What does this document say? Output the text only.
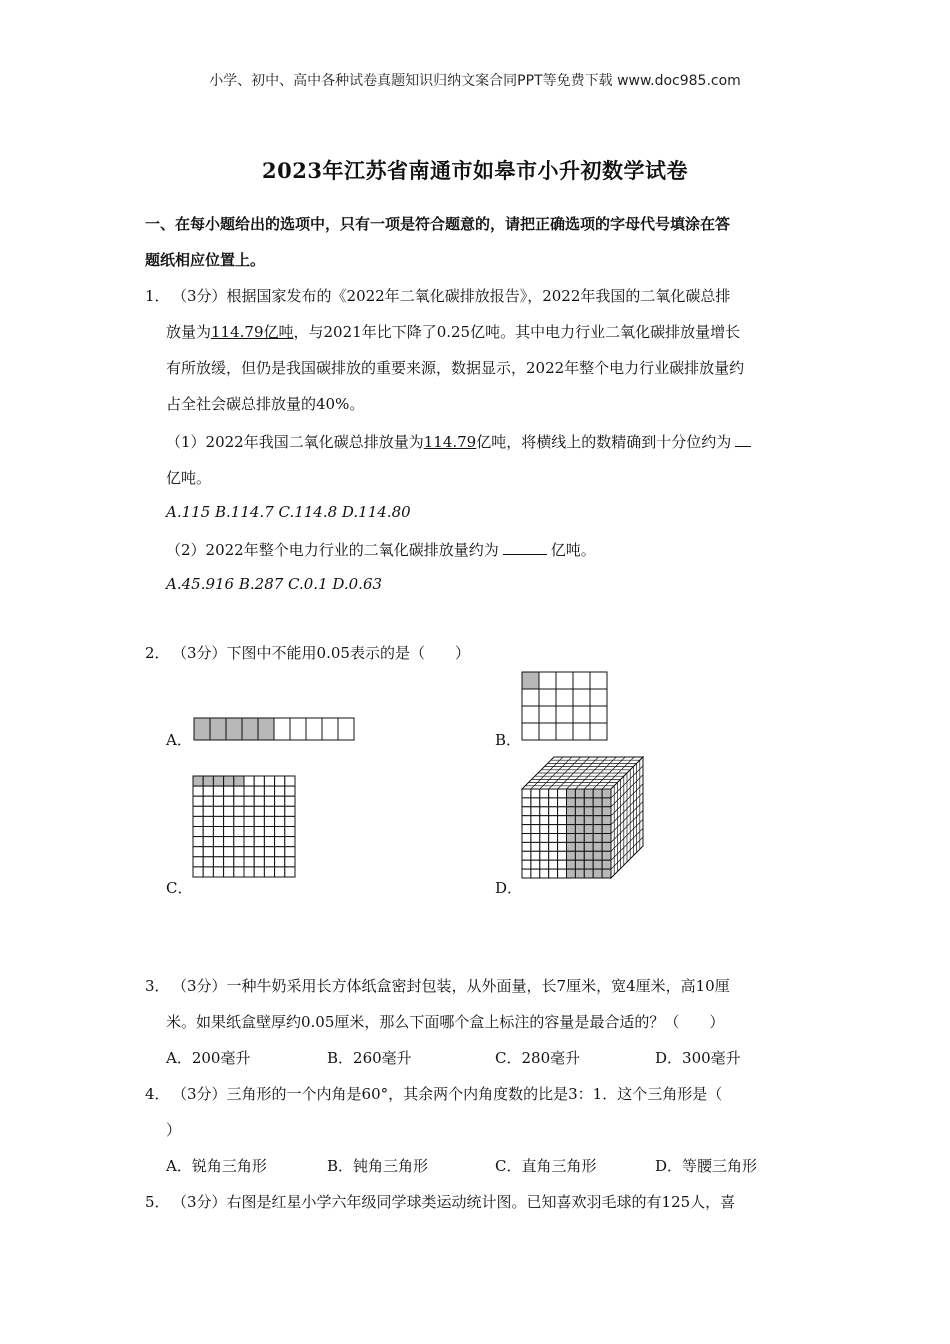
小学、初中、高中各种试卷真题知识归纳文案合同PPT等免费下载 www.doc985.com
2023年江苏省南通市如皋市小升初数学试卷
一、在每小题给出的选项中，只有一项是符合题意的，请把正确选项的字母代号填涂在答
题纸相应位置上。
1． （3分）根据国家发布的《2022年二氧化碳排放报告》，2022年我国的二氧化碳总排
放量为114.79亿吨，与2021年比下降了0.25亿吨。其中电力行业二氧化碳排放量增长
有所放缓，但仍是我国碳排放的重要来源，数据显示，2022年整个电力行业碳排放量约
占全社会碳总排放量的40%。
（1）2022年我国二氧化碳总排放量为114.79亿吨，将横线上的数精确到十分位约为
亿吨。
A.115 B.114.7 C.114.8 D.114.80
（2）2022年整个电力行业的二氧化碳排放量约为	亿吨。
A.45.916 B.287 C.0.1 D.0.63
2． （3分）下图中不能用0.05表示的是（　　）
A．	B．
C．	D．
3． （3分）一种牛奶采用长方体纸盒密封包装，从外面量，长7厘米，宽4厘米，高10厘
米。如果纸盒壁厚约0.05厘米，那么下面哪个盒上标注的容量是最合适的？（　　）
A．200毫升	B．260毫升	C．280毫升	D．300毫升
4． （3分）三角形的一个内角是60°，其余两个内角度数的比是3：1．这个三角形是（
）
A．锐角三角形	B．钝角三角形	C．直角三角形	D．等腰三角形
5． （3分）右图是红星小学六年级同学球类运动统计图。已知喜欢羽毛球的有125人，喜
